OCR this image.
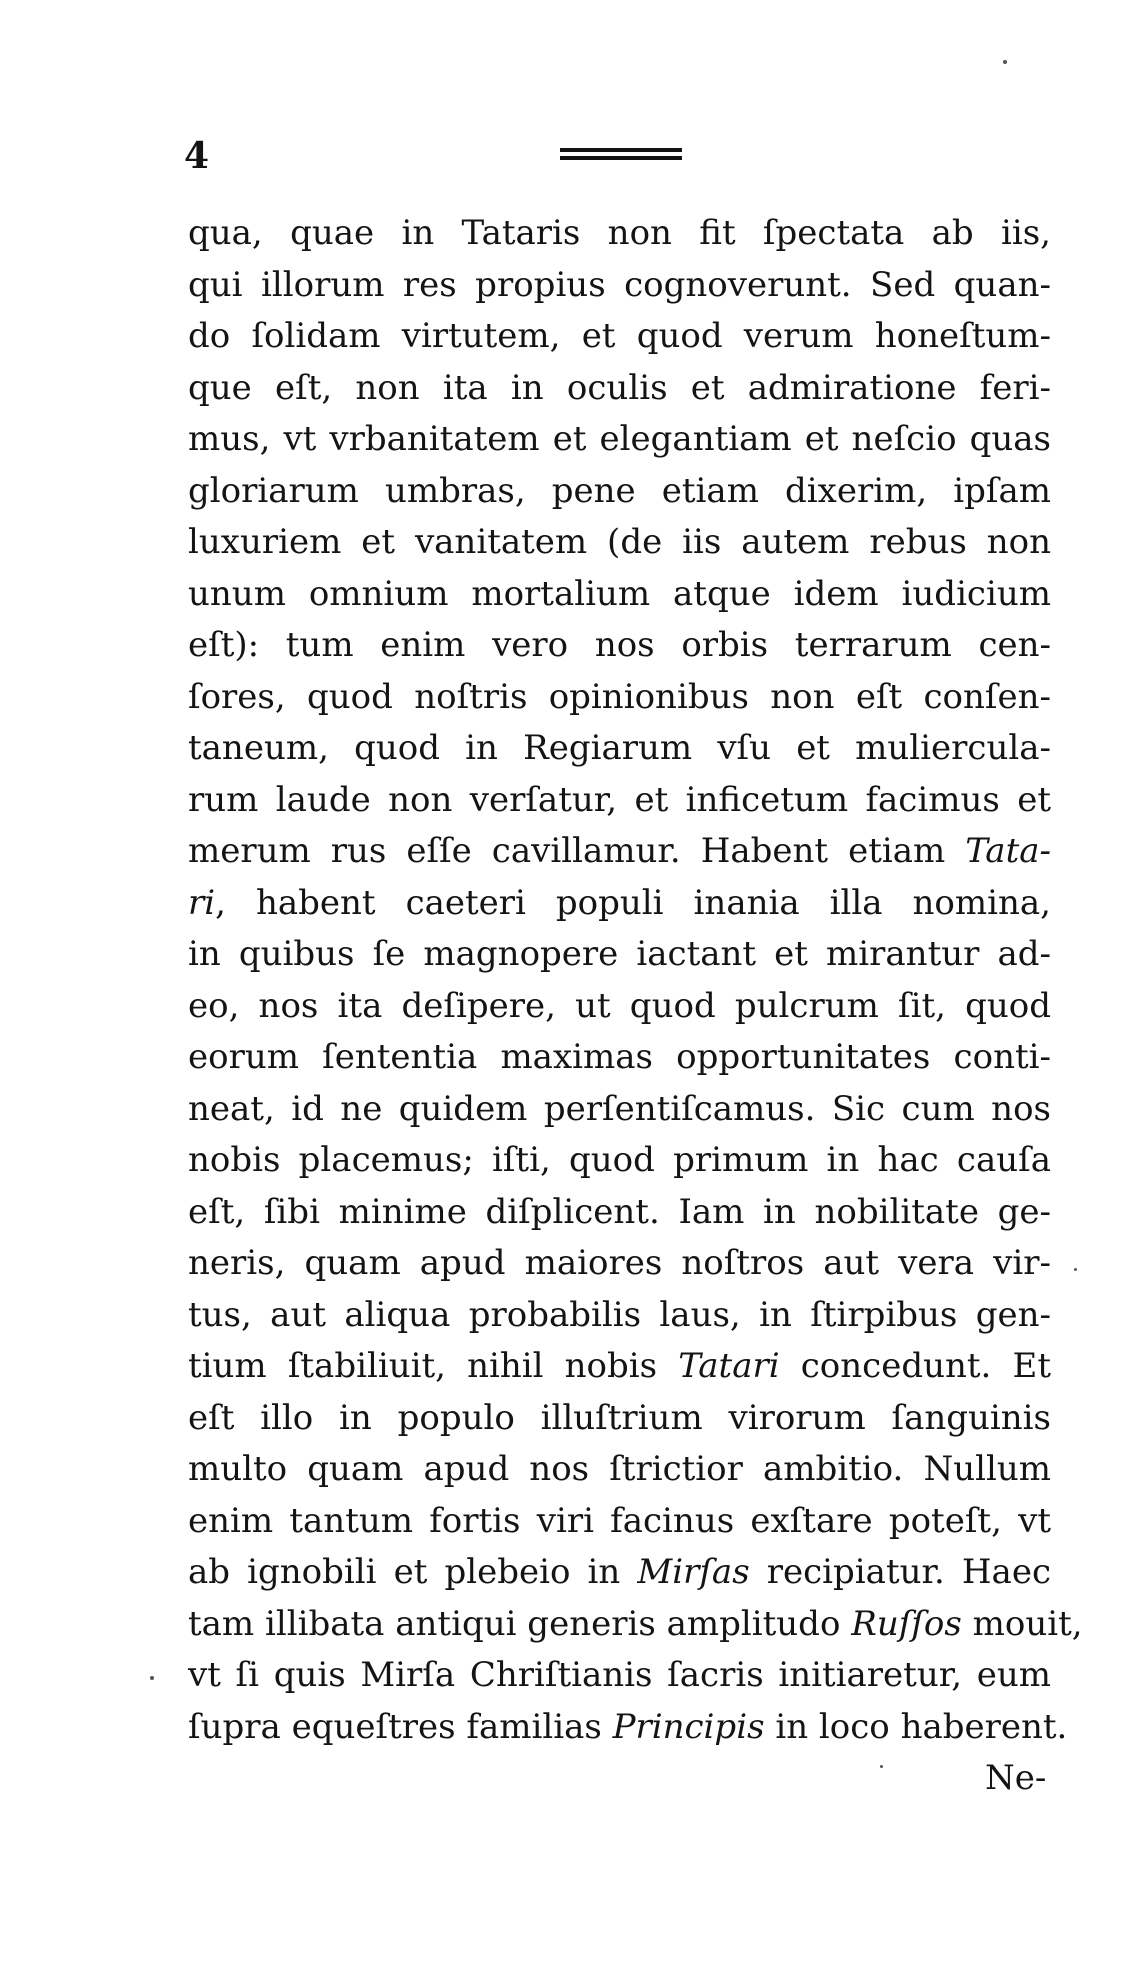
4
qua, quae in Tataris non fit ſpectata ab iis,
qui illorum res propius cognoverunt. Sed quan-
do ſolidam virtutem, et quod verum honeſtum-
que eſt, non ita in oculis et admiratione feri-
mus, vt vrbanitatem et elegantiam et neſcio quas
gloriarum umbras, pene etiam dixerim, ipſam
luxuriem et vanitatem (de iis autem rebus non
unum omnium mortalium atque idem iudicium
eſt): tum enim vero nos orbis terrarum cen-
ſores, quod noſtris opinionibus non eſt conſen-
taneum, quod in Regiarum vſu et muliercula-
rum laude non verſatur, et inficetum facimus et
merum rus eſſe cavillamur. Habent etiam Tata-
ri, habent caeteri populi inania illa nomina,
in quibus ſe magnopere iactant et mirantur ad-
eo, nos ita deſipere, ut quod pulcrum ſit, quod
eorum ſententia maximas opportunitates conti-
neat, id ne quidem perſentiſcamus. Sic cum nos
nobis placemus; iſti, quod primum in hac cauſa
eſt, ſibi minime diſplicent. Iam in nobilitate ge-
neris, quam apud maiores noſtros aut vera vir-
tus, aut aliqua probabilis laus, in ſtirpibus gen-
tium ſtabiliuit, nihil nobis Tatari concedunt. Et
eſt illo in populo illuſtrium virorum ſanguinis
multo quam apud nos ſtrictior ambitio. Nullum
enim tantum fortis viri facinus exſtare poteſt, vt
ab ignobili et plebeio in Mirſas recipiatur. Haec
tam illibata antiqui generis amplitudo Ruſſos mouit,
vt ſi quis Mirſa Chriſtianis ſacris initiaretur, eum
ſupra equeſtres familias Principis in loco haberent.
Ne-
